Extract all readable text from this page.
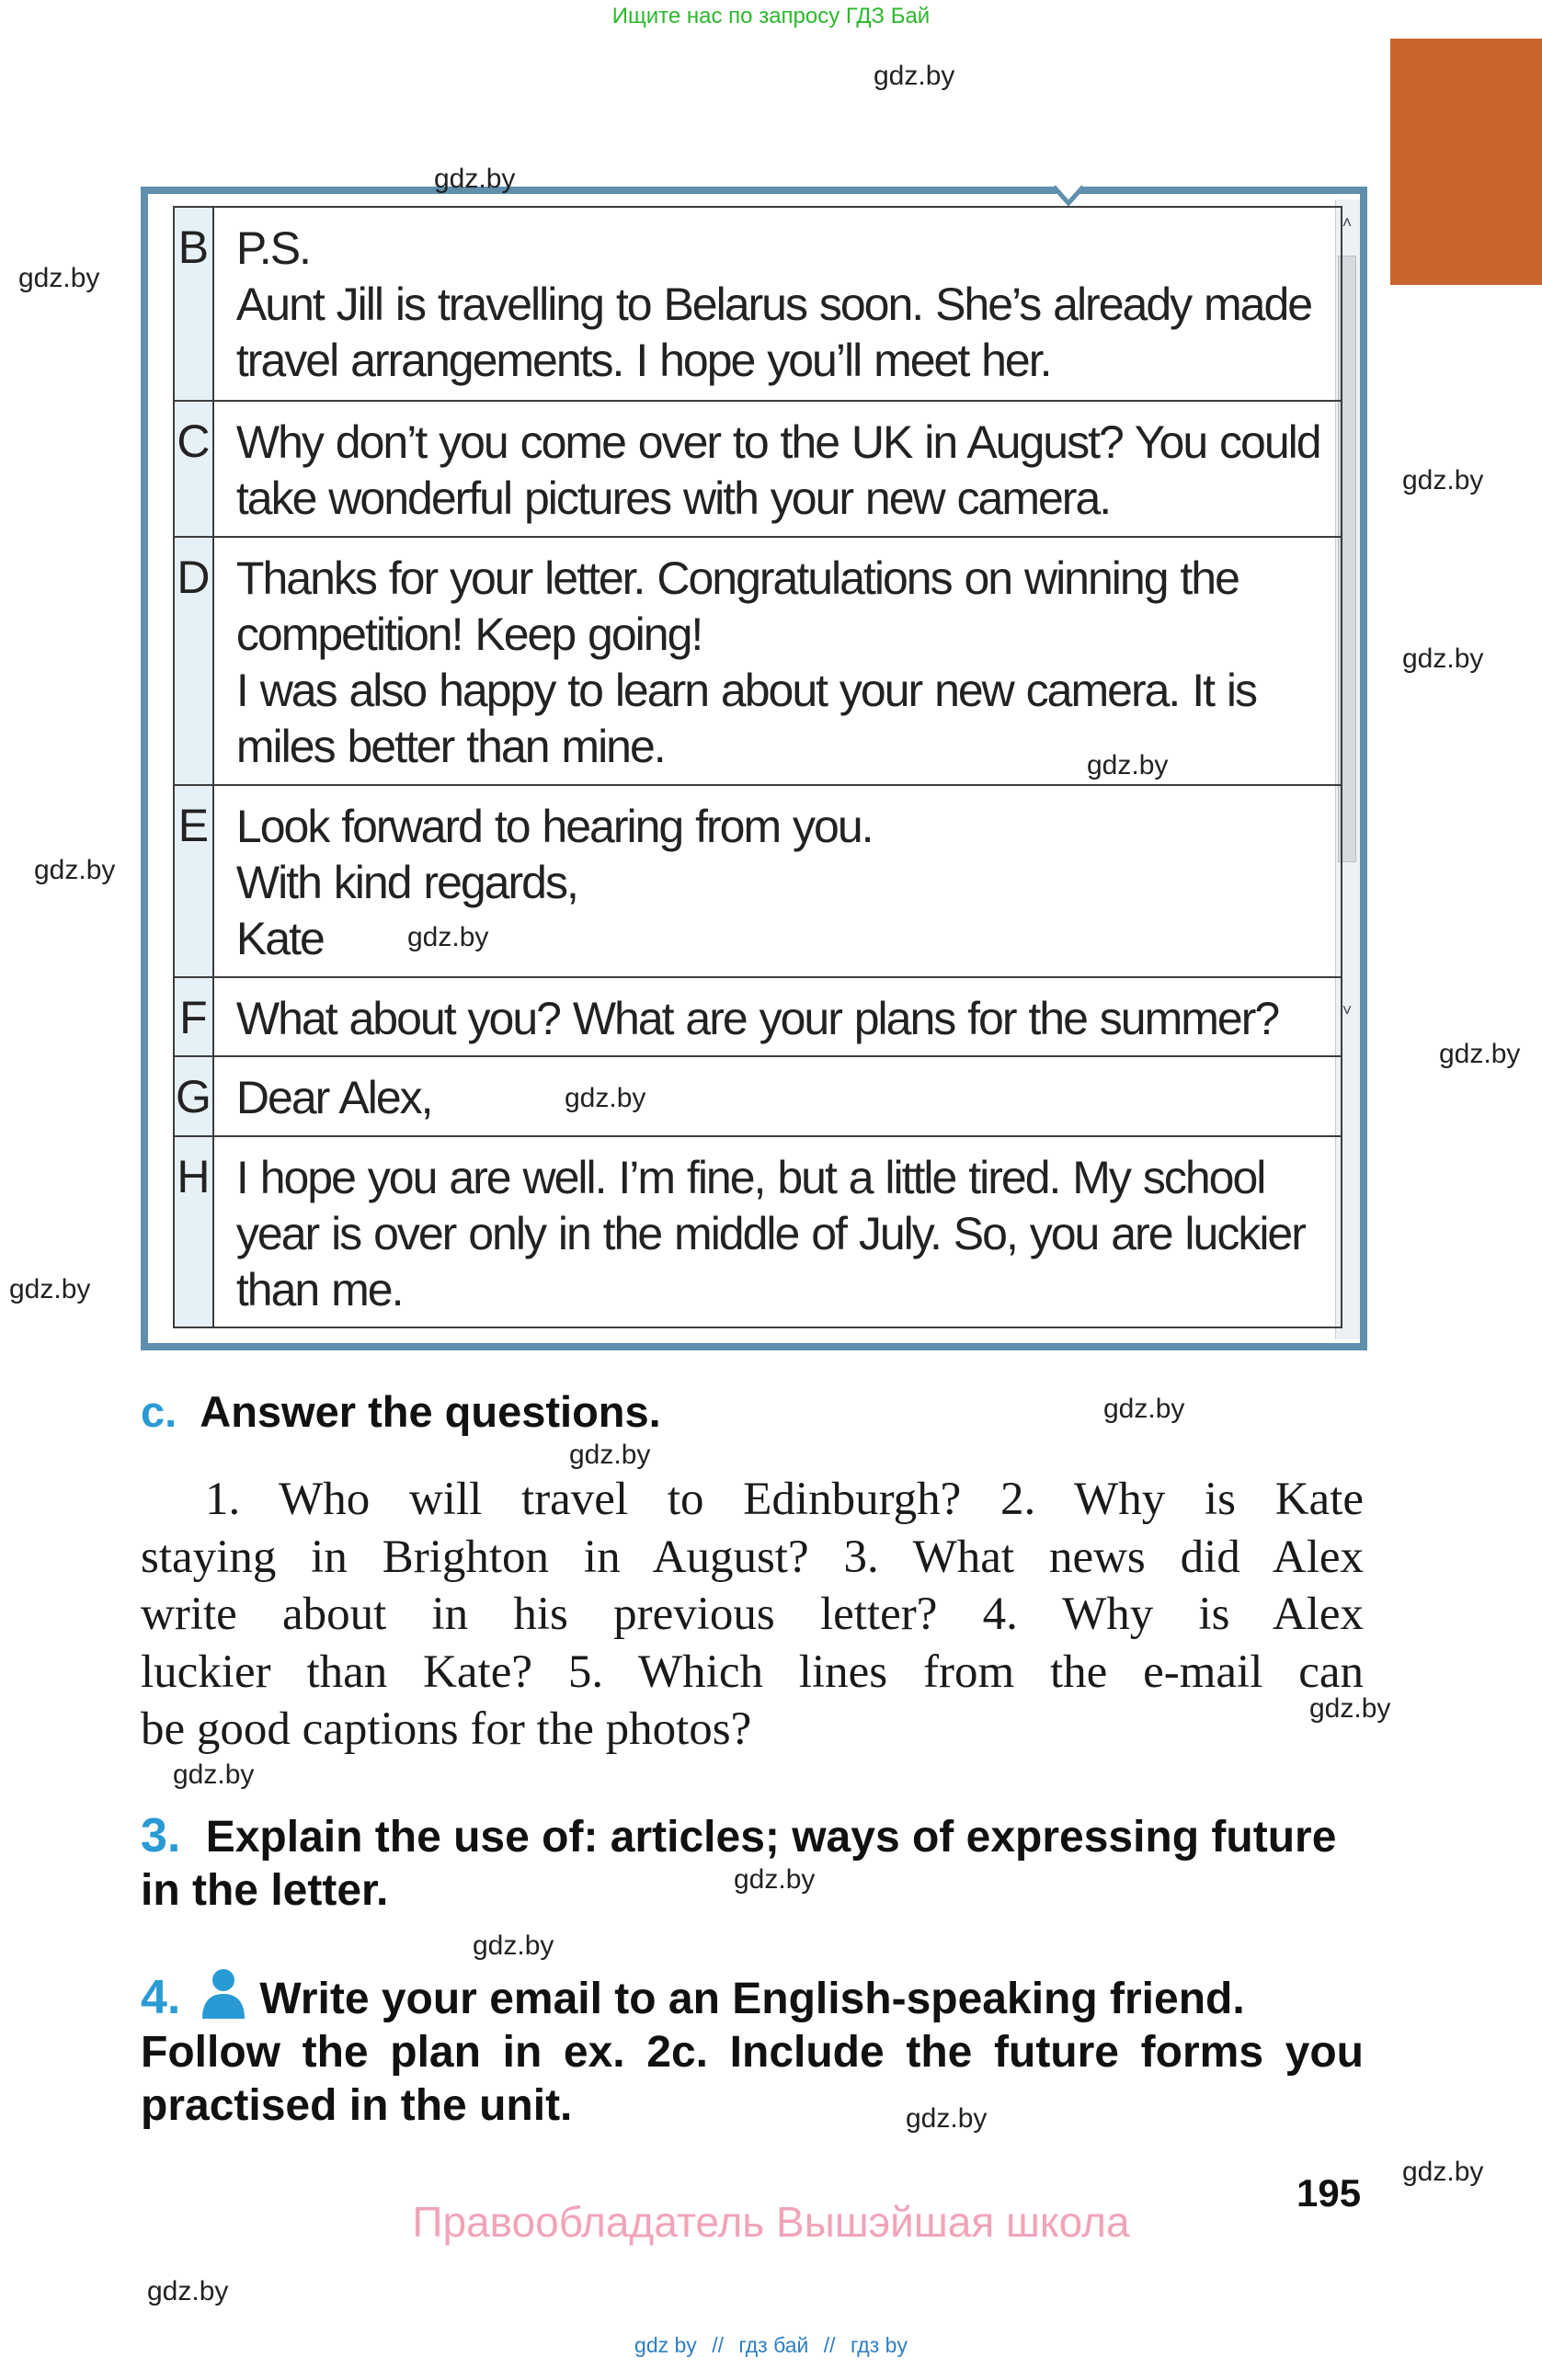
Ищите нас по запросу ГДЗ Бай
˄
˅
B	P.S.
Aunt Jill is travelling to Belarus soon. She’s already made
travel arrangements. I hope you’ll meet her.

C	Why don’t you come over to the UK in August? You could
take wonderful pictures with your new camera.

D	Thanks for your letter. Congratulations on winning the
competition! Keep going!
I was also happy to learn about your new camera. It is
miles better than mine.

E	Look forward to hearing from you.
With kind regards,
Kate

F	What about you? What are your plans for the summer?

G	Dear Alex,

H	I hope you are well. I’m fine, but a little tired. My school
year is over only in the middle of July. So, you are luckier
than me.
c. Answer the questions.
1. Who will travel to Edinburgh? 2. Why is Kate
staying in Brighton in August? 3. What news did Alex
write about in his previous letter? 4. Why is Alex
luckier than Kate? 5. Which lines from the e-mail can
be good captions for the photos?
3. Explain the use of: articles; ways of expressing future
in the letter.
4. Write your email to an English-speaking friend.
Follow the plan in ex. 2c. Include the future forms you
practised in the unit.
195
Правообладатель Вышэйшая школа
gdz by // гдз бай // гдз by
gdz.by
gdz.by
gdz.by
gdz.by
gdz.by
gdz.by
gdz.by
gdz.by
gdz.by
gdz.by
gdz.by
gdz.by
gdz.by
gdz.by
gdz.by
gdz.by
gdz.by
gdz.by
gdz.by
gdz.by
